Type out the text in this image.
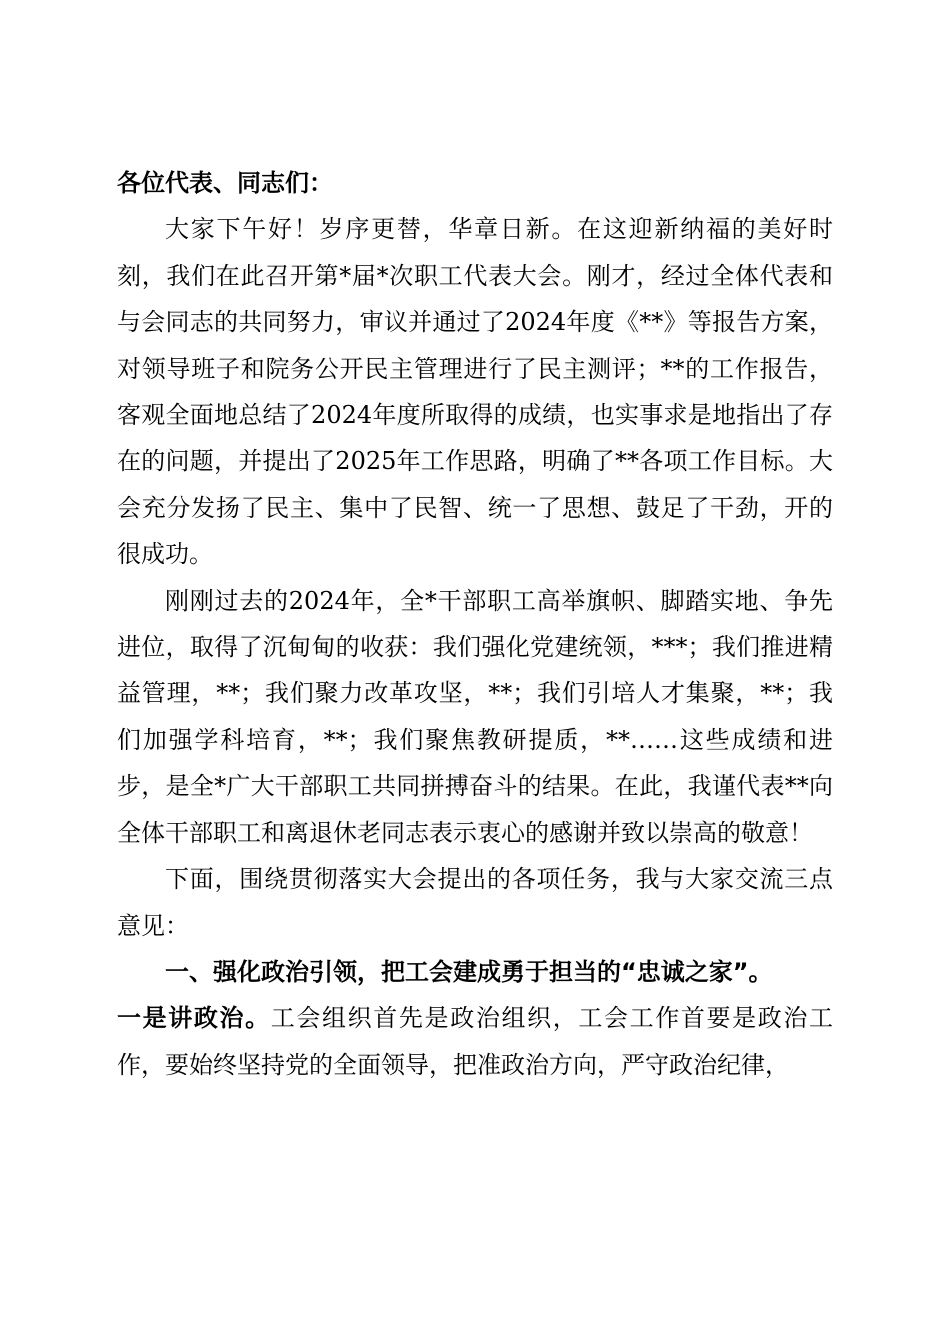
各位代表、同志们：

大家下午好！岁序更替，华章日新。在这迎新纳福的美好时刻，我们在此召开第*届*次职工代表大会。刚才，经过全体代表和与会同志的共同努力，审议并通过了2024年度《**》等报告方案，对领导班子和院务公开民主管理进行了民主测评；**的工作报告，客观全面地总结了2024年度所取得的成绩，也实事求是地指出了存在的问题，并提出了2025年工作思路，明确了**各项工作目标。大会充分发扬了民主、集中了民智、统一了思想、鼓足了干劲，开的很成功。

刚刚过去的2024年，全*干部职工高举旗帜、脚踏实地、争先进位，取得了沉甸甸的收获：我们强化党建统领，***；我们推进精益管理，**；我们聚力改革攻坚，**；我们引培人才集聚，**；我们加强学科培育，**；我们聚焦教研提质，**……这些成绩和进步，是全*广大干部职工共同拼搏奋斗的结果。在此，我谨代表**向全体干部职工和离退休老同志表示衷心的感谢并致以崇高的敬意！

下面，围绕贯彻落实大会提出的各项任务，我与大家交流三点意见：

一、强化政治引领，把工会建成勇于担当的“忠诚之家”。

一是讲政治。工会组织首先是政治组织，工会工作首要是政治工作，要始终坚持党的全面领导，把准政治方向，严守政治纪律，
